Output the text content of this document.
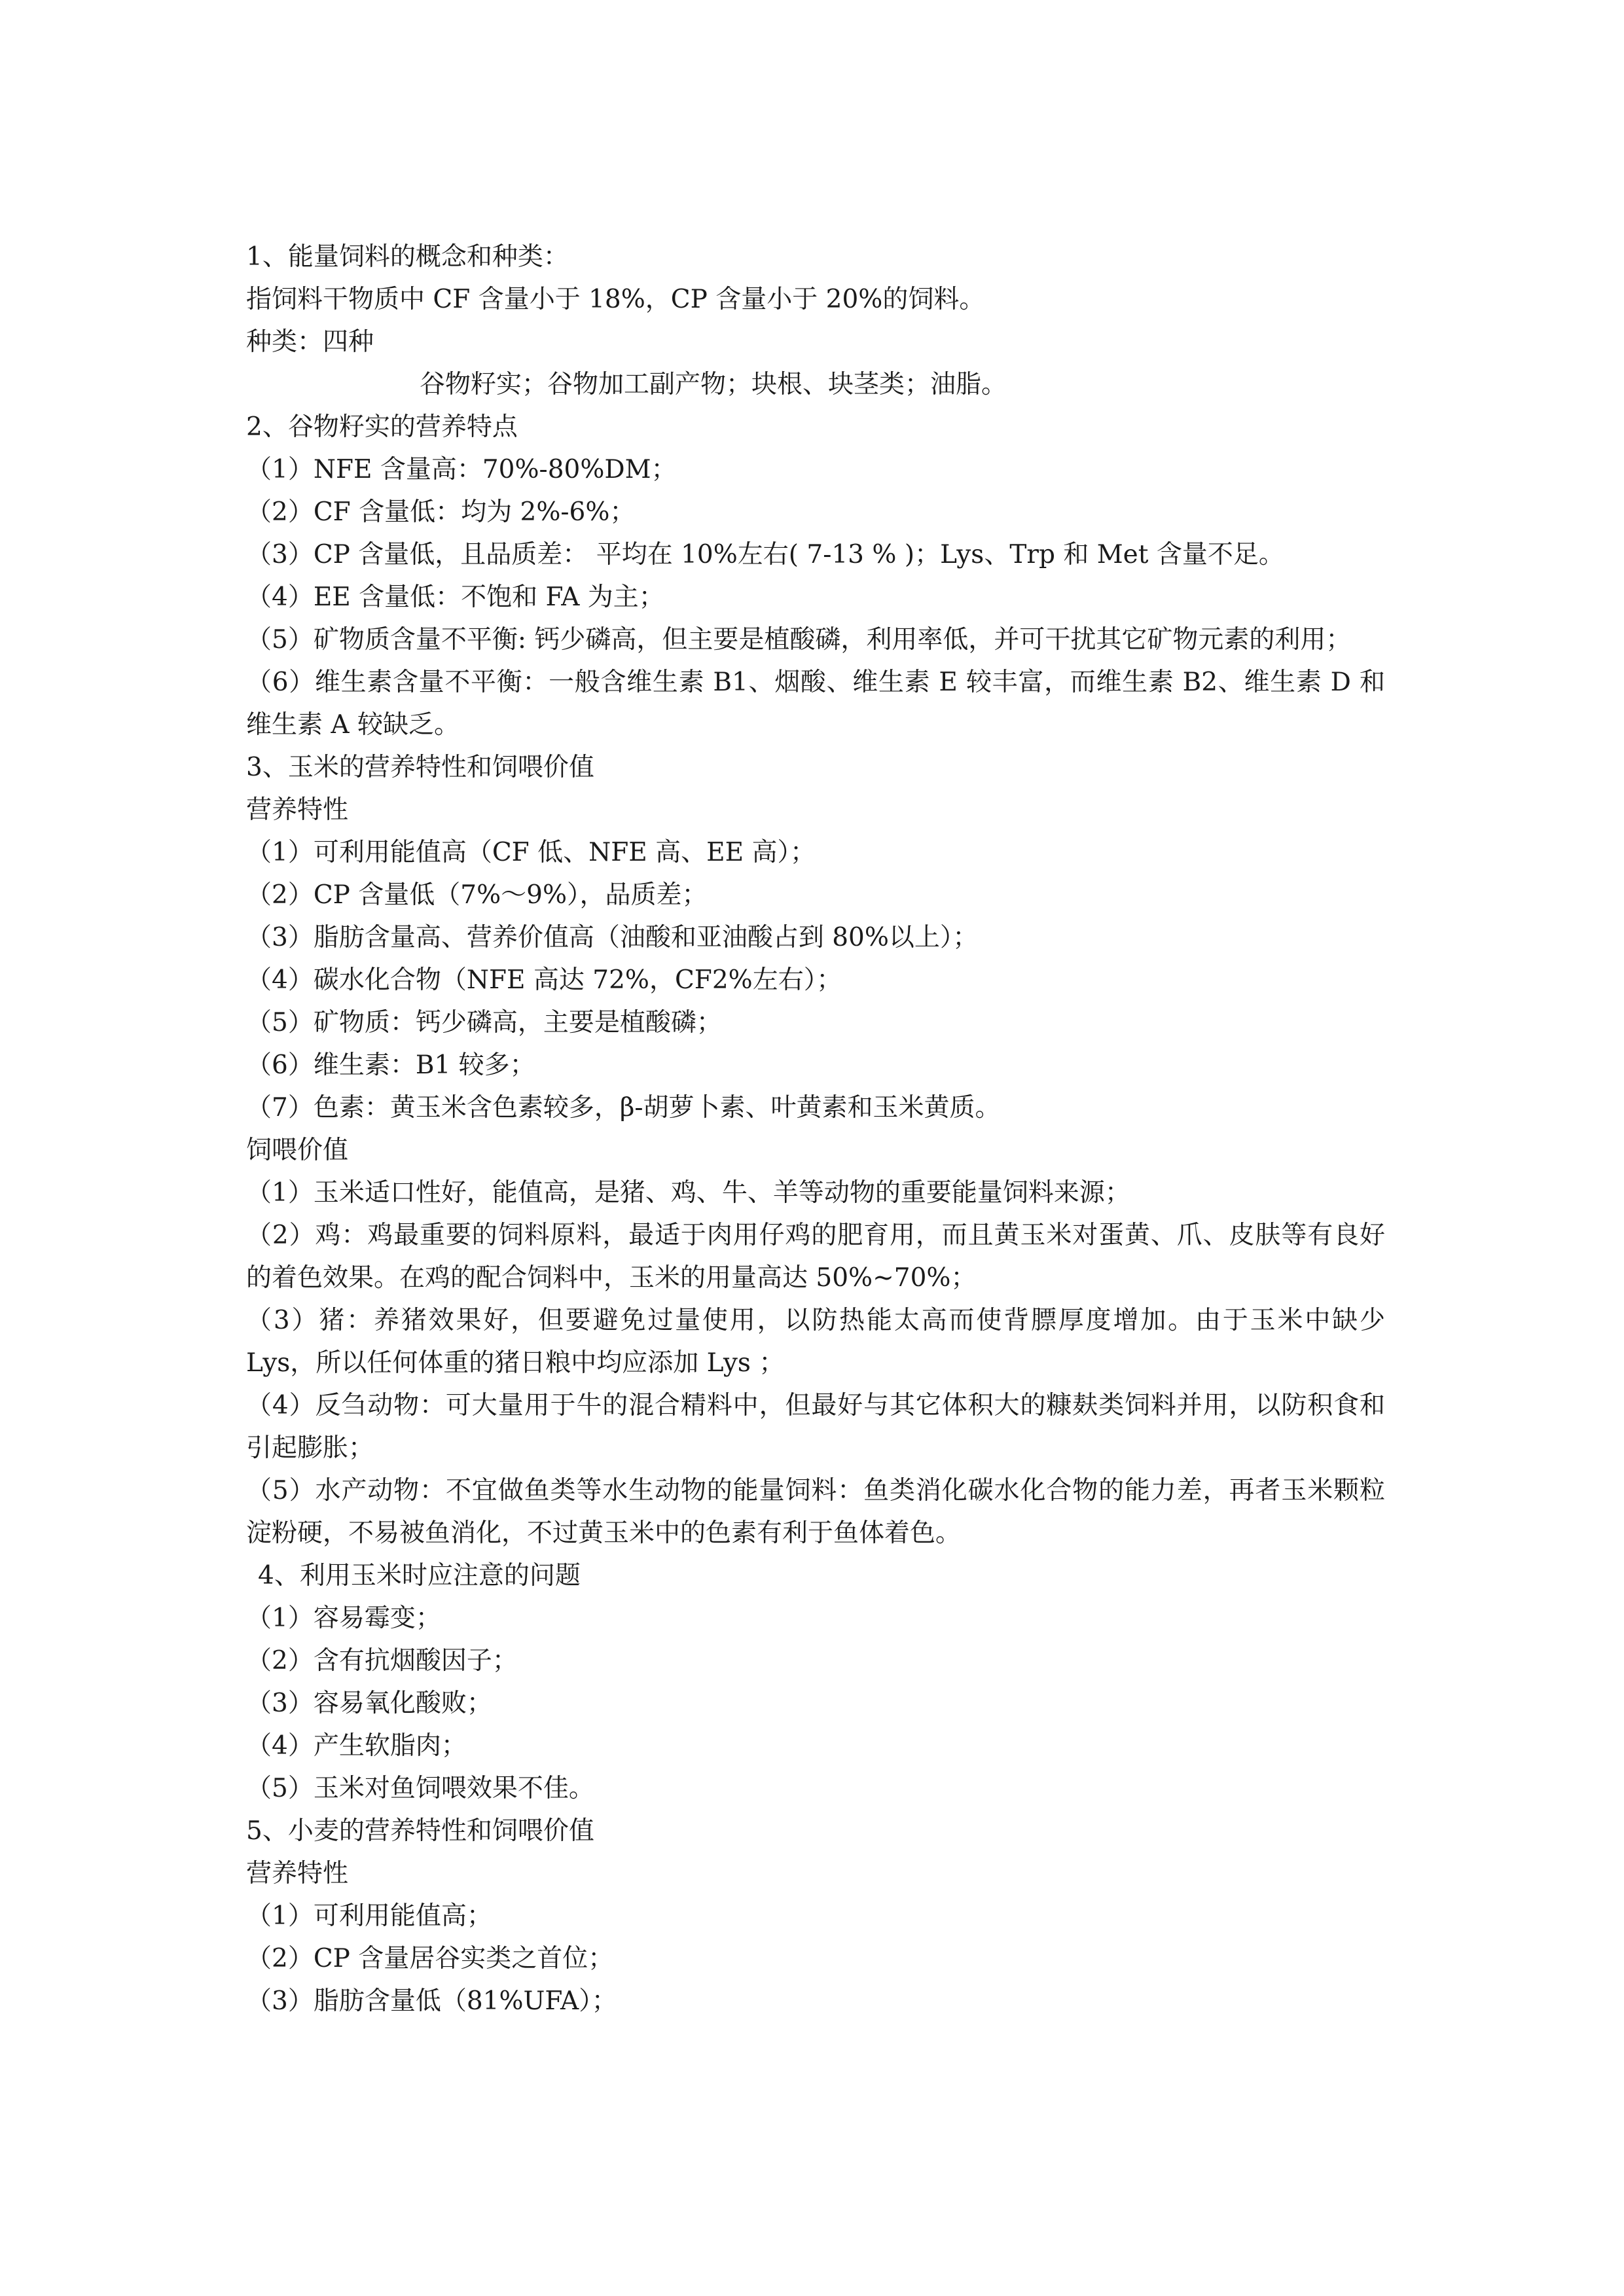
1、能量饲料的概念和种类：

指饲料干物质中 CF 含量小于 18%，CP 含量小于 20%的饲料。

种类：四种

谷物籽实；谷物加工副产物；块根、块茎类；油脂。

2、谷物籽实的营养特点

（1）NFE 含量高：70%-80%DM；

（2）CF 含量低：均为 2%-6%；

（3）CP 含量低，且品质差： 平均在 10%左右( 7-13 % )；Lys、Trp 和 Met 含量不足。

（4）EE 含量低：不饱和 FA 为主；

（5）矿物质含量不平衡: 钙少磷高，但主要是植酸磷，利用率低，并可干扰其它矿物元素的利用；

（6）维生素含量不平衡：一般含维生素 B1、烟酸、维生素 E 较丰富，而维生素 B2、维生素 D 和维生素 A 较缺乏。

3、玉米的营养特性和饲喂价值

营养特性

（1）可利用能值高（CF 低、NFE 高、EE 高）；

（2）CP 含量低（7%～9%），品质差；

（3）脂肪含量高、营养价值高（油酸和亚油酸占到 80%以上）；

（4）碳水化合物（NFE 高达 72%，CF2%左右）；

（5）矿物质：钙少磷高，主要是植酸磷；

（6）维生素：B1 较多；

（7）色素：黄玉米含色素较多，β-胡萝卜素、叶黄素和玉米黄质。

饲喂价值

（1）玉米适口性好，能值高，是猪、鸡、牛、羊等动物的重要能量饲料来源；

（2）鸡：鸡最重要的饲料原料，最适于肉用仔鸡的肥育用，而且黄玉米对蛋黄、爪、皮肤等有良好的着色效果。在鸡的配合饲料中，玉米的用量高达 50%~70%；

（3）猪：养猪效果好，但要避免过量使用，以防热能太高而使背膘厚度增加。由于玉米中缺少 Lys，所以任何体重的猪日粮中均应添加 Lys ；

（4）反刍动物：可大量用于牛的混合精料中，但最好与其它体积大的糠麸类饲料并用，以防积食和引起膨胀；

（5）水产动物：不宜做鱼类等水生动物的能量饲料：鱼类消化碳水化合物的能力差，再者玉米颗粒淀粉硬，不易被鱼消化，不过黄玉米中的色素有利于鱼体着色。

4、利用玉米时应注意的问题

（1）容易霉变；

（2）含有抗烟酸因子；

（3）容易氧化酸败；

（4）产生软脂肉；

（5）玉米对鱼饲喂效果不佳。

5、小麦的营养特性和饲喂价值

营养特性

（1）可利用能值高；

（2）CP 含量居谷实类之首位；

（3）脂肪含量低（81%UFA）；
